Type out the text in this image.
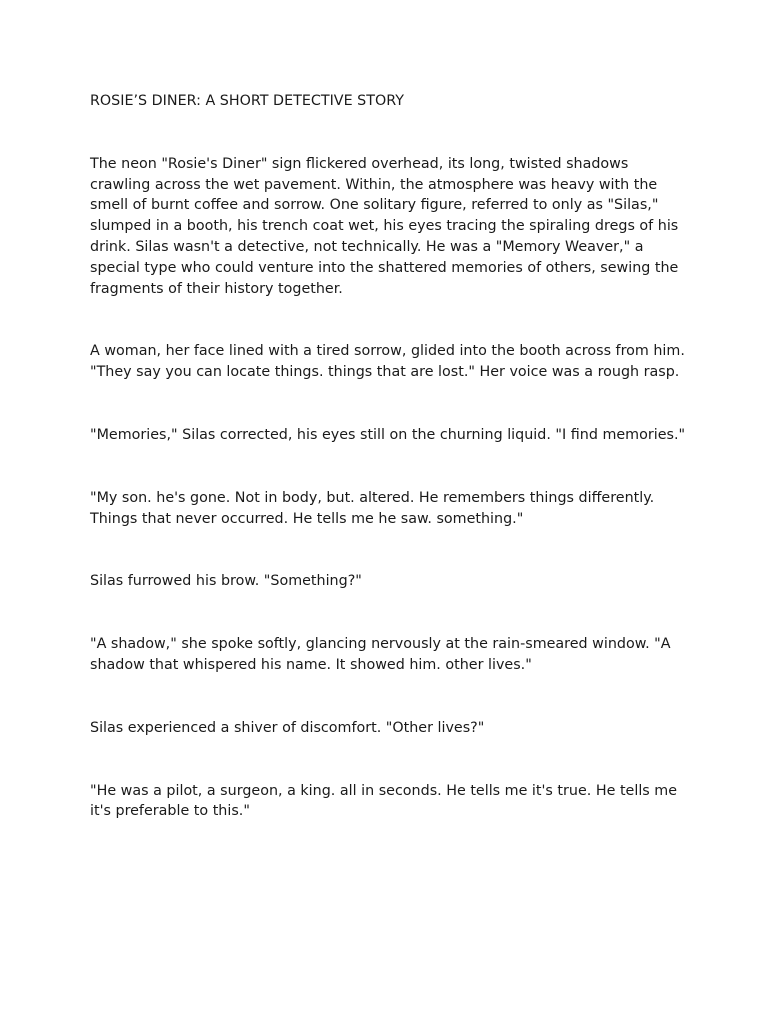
ROSIE’S DINER: A SHORT DETECTIVE STORY

The neon "Rosie's Diner" sign flickered overhead, its long, twisted shadows crawling across the wet pavement. Within, the atmosphere was heavy with the smell of burnt coffee and sorrow. One solitary figure, referred to only as "Silas," slumped in a booth, his trench coat wet, his eyes tracing the spiraling dregs of his drink. Silas wasn't a detective, not technically. He was a "Memory Weaver," a special type who could venture into the shattered memories of others, sewing the fragments of their history together.

A woman, her face lined with a tired sorrow, glided into the booth across from him. "They say you can locate things. things that are lost." Her voice was a rough rasp.

"Memories," Silas corrected, his eyes still on the churning liquid. "I find memories."

"My son. he's gone. Not in body, but. altered. He remembers things differently. Things that never occurred. He tells me he saw. something."

Silas furrowed his brow. "Something?"

"A shadow," she spoke softly, glancing nervously at the rain-smeared window. "A shadow that whispered his name. It showed him. other lives."

Silas experienced a shiver of discomfort. "Other lives?"

"He was a pilot, a surgeon, a king. all in seconds. He tells me it's true. He tells me it's preferable to this."
